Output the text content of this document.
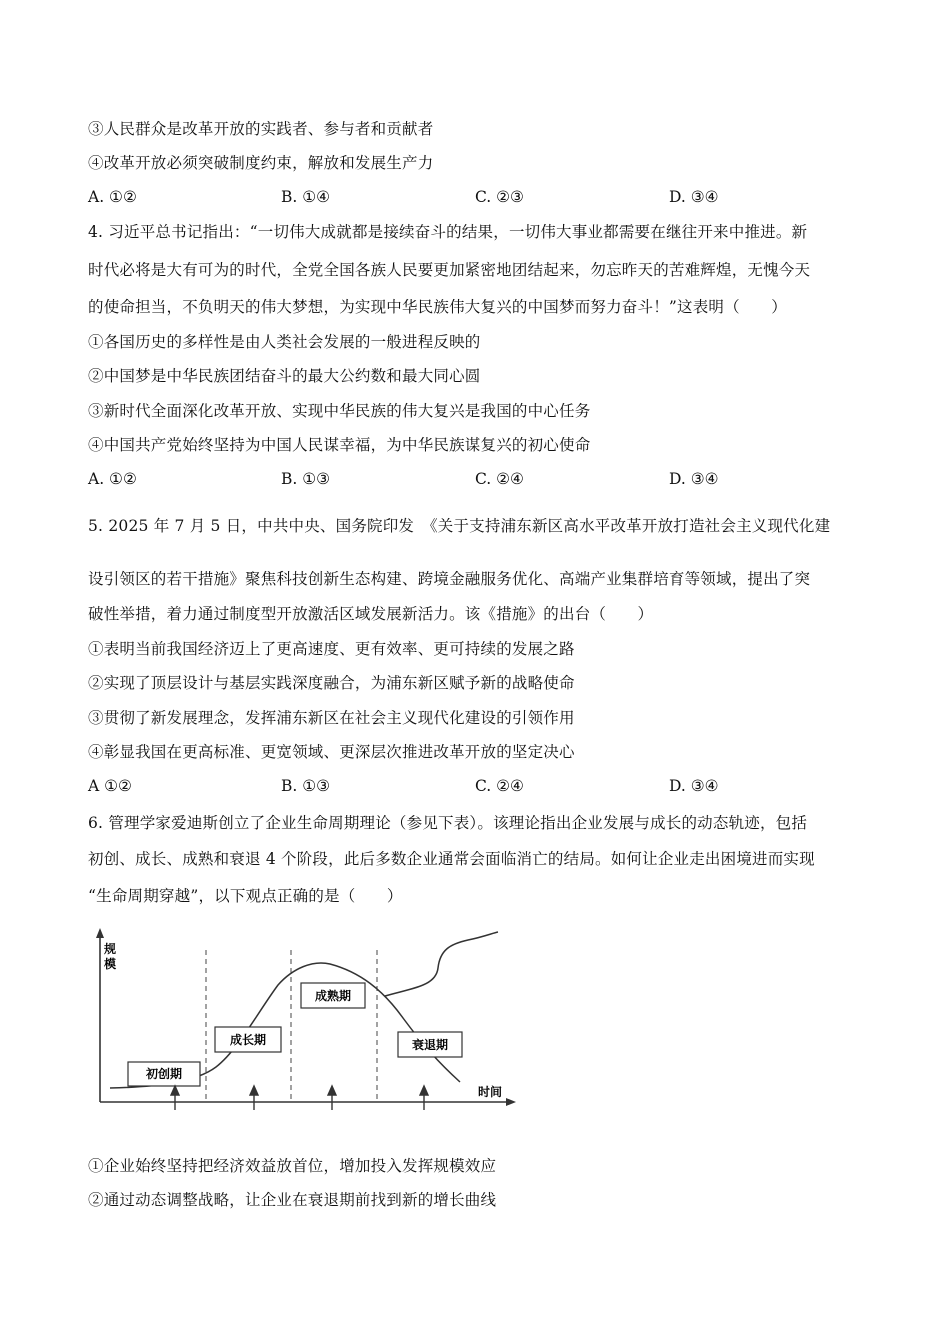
③人民群众是改革开放的实践者、参与者和贡献者
④改革开放必须突破制度约束，解放和发展生产力
A. ①②	B. ①④	C. ②③	D. ③④
4. 习近平总书记指出：“一切伟大成就都是接续奋斗的结果，一切伟大事业都需要在继往开来中推进。新
时代必将是大有可为的时代，全党全国各族人民要更加紧密地团结起来，勿忘昨天的苦难辉煌，无愧今天
的使命担当，不负明天的伟大梦想，为实现中华民族伟大复兴的中国梦而努力奋斗！”这表明（　　）
①各国历史的多样性是由人类社会发展的一般进程反映的
②中国梦是中华民族团结奋斗的最大公约数和最大同心圆
③新时代全面深化改革开放、实现中华民族的伟大复兴是我国的中心任务
④中国共产党始终坚持为中国人民谋幸福，为中华民族谋复兴的初心使命
A. ①②	B. ①③	C. ②④	D. ③④
5. 2025 年 7 月 5 日，中共中央、国务院印发　《关于支持浦东新区高水平改革开放打造社会主义现代化建
设引领区的若干措施》聚焦科技创新生态构建、跨境金融服务优化、高端产业集群培育等领域，提出了突
破性举措，着力通过制度型开放激活区域发展新活力。该《措施》的出台（　　）
①表明当前我国经济迈上了更高速度、更有效率、更可持续的发展之路
②实现了顶层设计与基层实践深度融合，为浦东新区赋予新的战略使命
③贯彻了新发展理念，发挥浦东新区在社会主义现代化建设的引领作用
④彰显我国在更高标准、更宽领域、更深层次推进改革开放的坚定决心
A ①②	B. ①③	C. ②④	D. ③④
6. 管理学家爱迪斯创立了企业生命周期理论（参见下表）。该理论指出企业发展与成长的动态轨迹，包括
初创、成长、成熟和衰退 4 个阶段，此后多数企业通常会面临消亡的结局。如何让企业走出困境进而实现
“生命周期穿越”，以下观点正确的是（　　）
规模
时间
初创期
成长期
成熟期
衰退期
①企业始终坚持把经济效益放首位，增加投入发挥规模效应
②通过动态调整战略，让企业在衰退期前找到新的增长曲线
